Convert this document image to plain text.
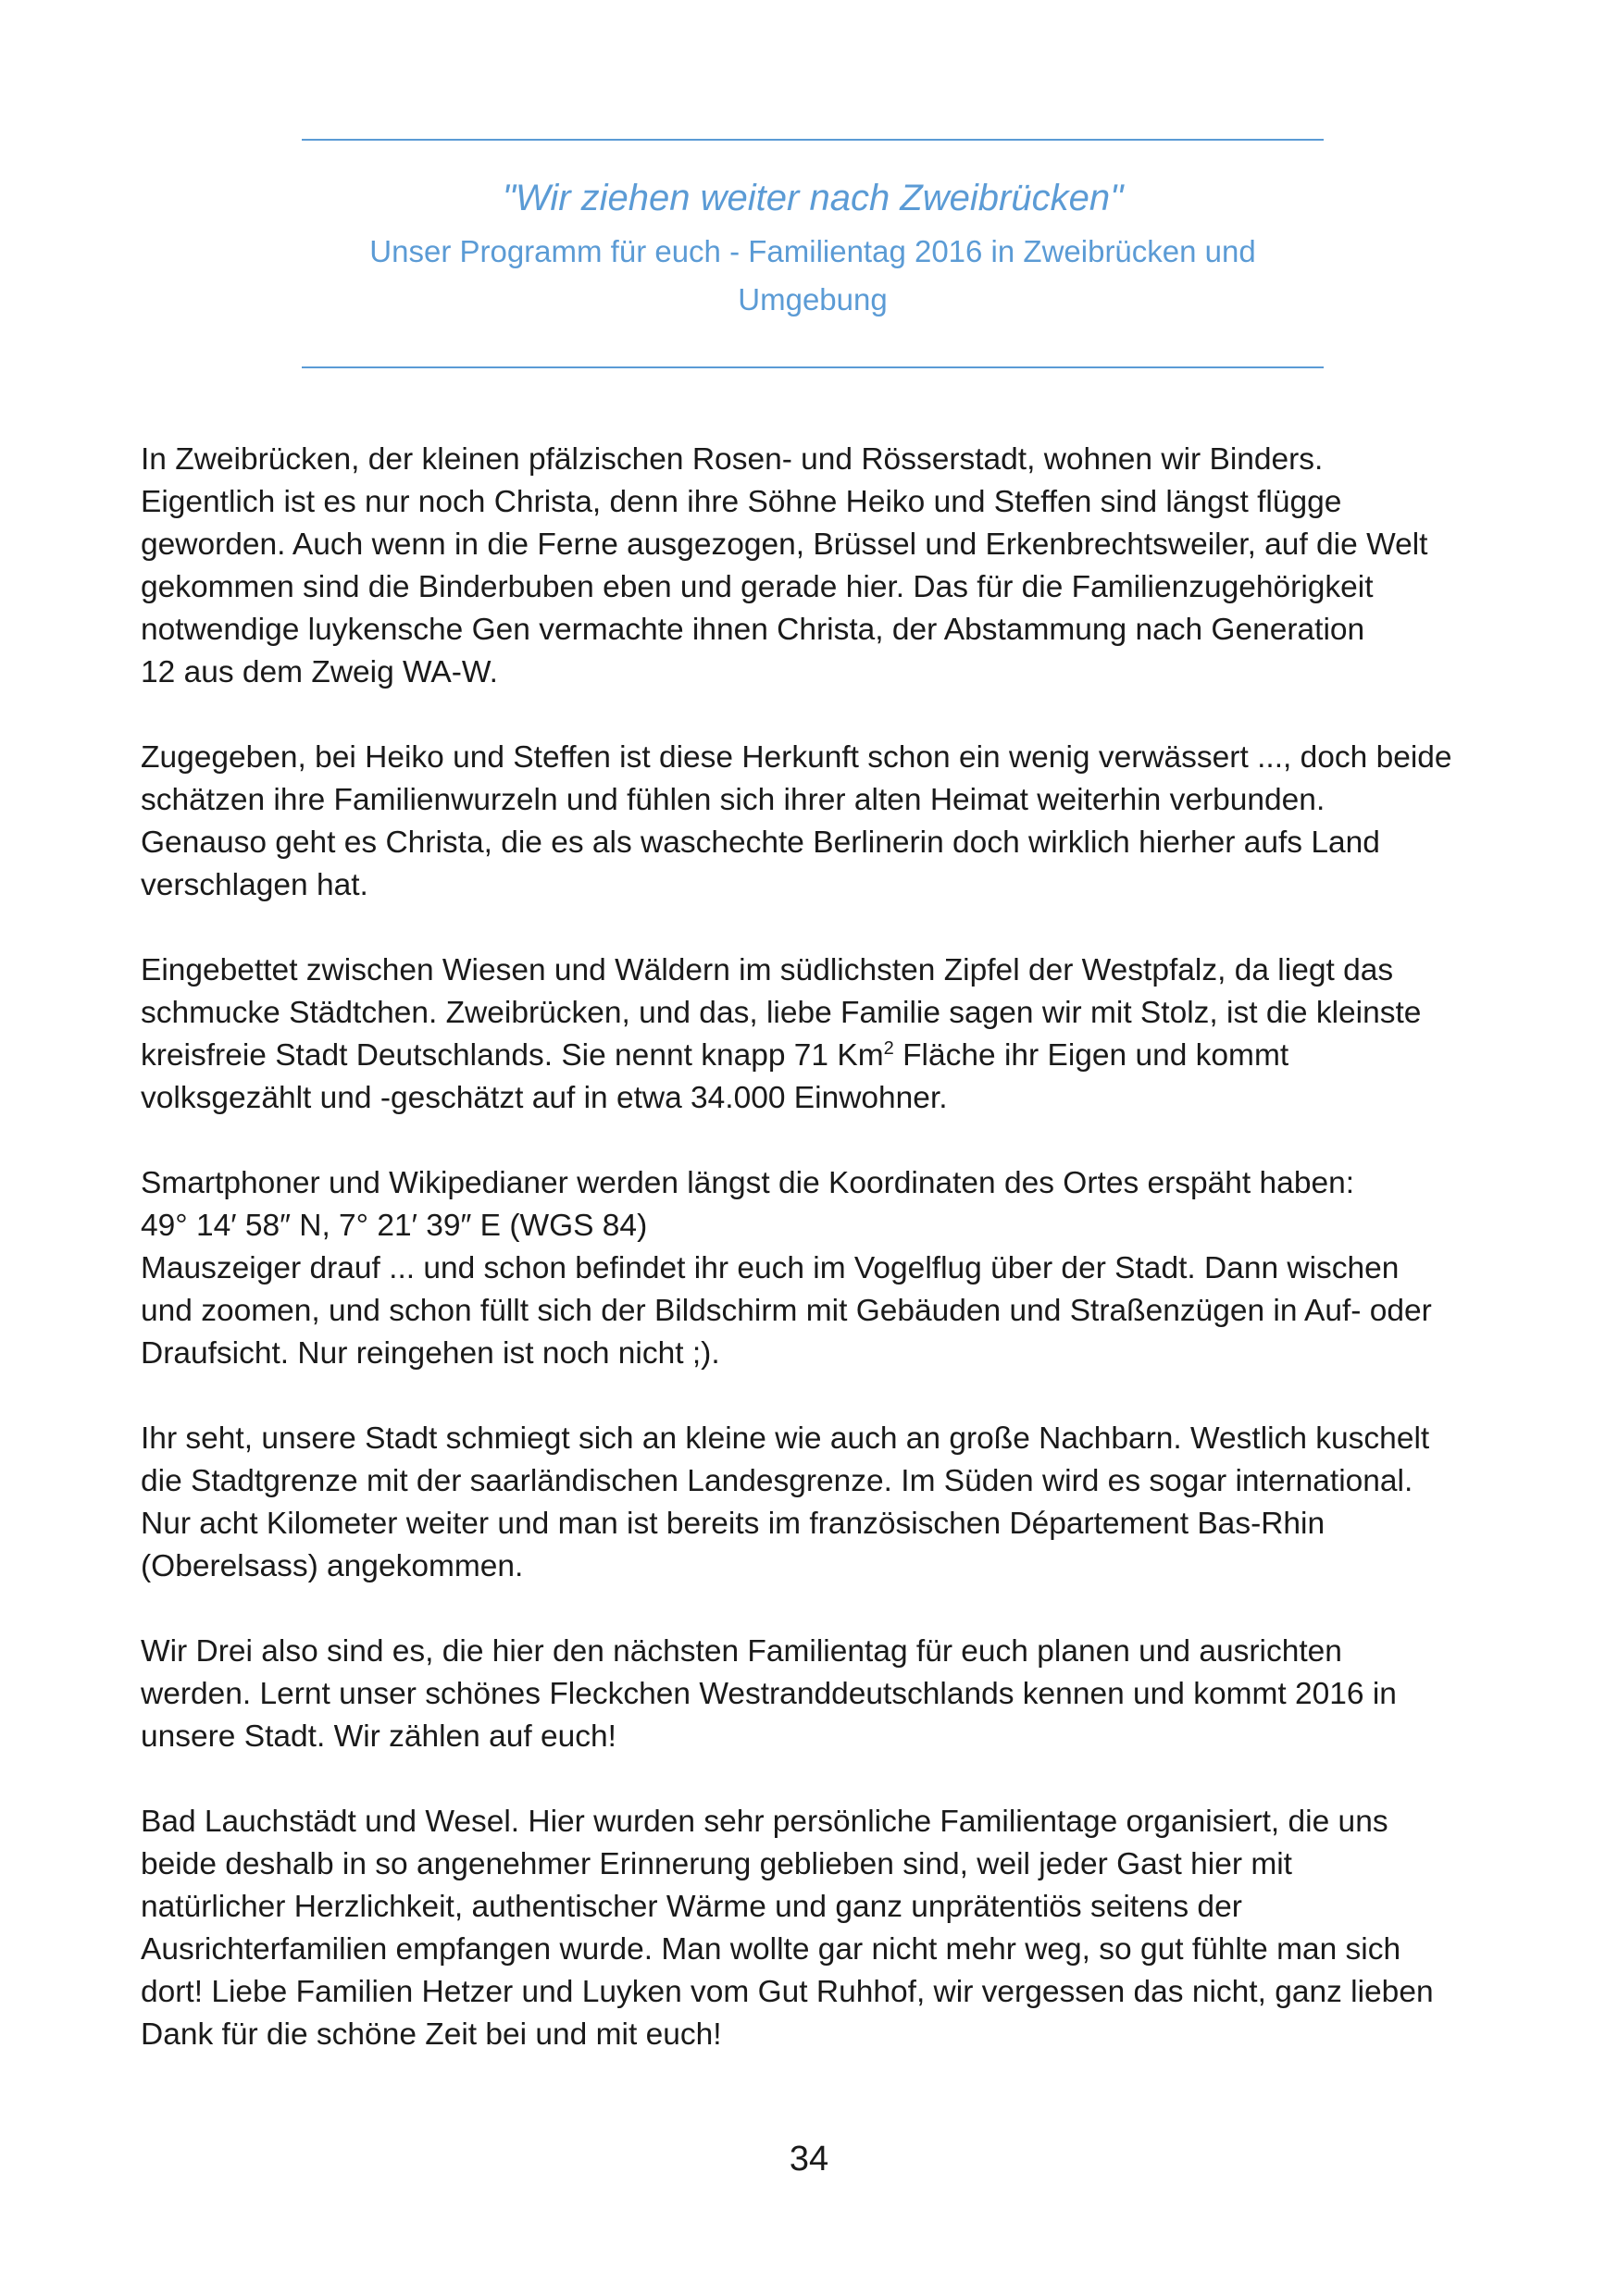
"Wir ziehen weiter nach Zweibrücken"

Unser Programm für euch - Familientag 2016 in Zweibrücken und
Umgebung

In Zweibrücken, der kleinen pfälzischen Rosen- und Rösserstadt, wohnen wir Binders.
Eigentlich ist es nur noch Christa, denn ihre Söhne Heiko und Steffen sind längst flügge
geworden. Auch wenn in die Ferne ausgezogen, Brüssel und Erkenbrechtsweiler, auf die Welt
gekommen sind die Binderbuben eben und gerade hier. Das für die Familienzugehörigkeit
notwendige luykensche Gen vermachte ihnen Christa, der Abstammung nach Generation
12 aus dem Zweig WA-W.

Zugegeben, bei Heiko und Steffen ist diese Herkunft schon ein wenig verwässert ..., doch beide
schätzen ihre Familienwurzeln und fühlen sich ihrer alten Heimat weiterhin verbunden.
Genauso geht es Christa, die es als waschechte Berlinerin doch wirklich hierher aufs Land
verschlagen hat.

Eingebettet zwischen Wiesen und Wäldern im südlichsten Zipfel der Westpfalz, da liegt das
schmucke Städtchen. Zweibrücken, und das, liebe Familie sagen wir mit Stolz, ist die kleinste
kreisfreie Stadt Deutschlands. Sie nennt knapp 71 Km$^2$ Fläche ihr Eigen und kommt
volksgezählt und -geschätzt auf in etwa 34.000 Einwohner.

Smartphoner und Wikipedianer werden längst die Koordinaten des Ortes erspäht haben:
49° 14′ 58″ N, 7° 21′ 39″ E (WGS 84)
Mauszeiger drauf ... und schon befindet ihr euch im Vogelflug über der Stadt. Dann wischen
und zoomen, und schon füllt sich der Bildschirm mit Gebäuden und Straßenzügen in Auf- oder
Draufsicht. Nur reingehen ist noch nicht ;).

Ihr seht, unsere Stadt schmiegt sich an kleine wie auch an große Nachbarn. Westlich kuschelt
die Stadtgrenze mit der saarländischen Landesgrenze. Im Süden wird es sogar international.
Nur acht Kilometer weiter und man ist bereits im französischen Département Bas-Rhin
(Oberelsass) angekommen.

Wir Drei also sind es, die hier den nächsten Familientag für euch planen und ausrichten
werden. Lernt unser schönes Fleckchen Westranddeutschlands kennen und kommt 2016 in
unsere Stadt. Wir zählen auf euch!

Bad Lauchstädt und Wesel. Hier wurden sehr persönliche Familientage organisiert, die uns
beide deshalb in so angenehmer Erinnerung geblieben sind, weil jeder Gast hier mit
natürlicher Herzlichkeit, authentischer Wärme und ganz unprätentiös seitens der
Ausrichterfamilien empfangen wurde. Man wollte gar nicht mehr weg, so gut fühlte man sich
dort! Liebe Familien Hetzer und Luyken vom Gut Ruhhof, wir vergessen das nicht, ganz lieben
Dank für die schöne Zeit bei und mit euch!

34
